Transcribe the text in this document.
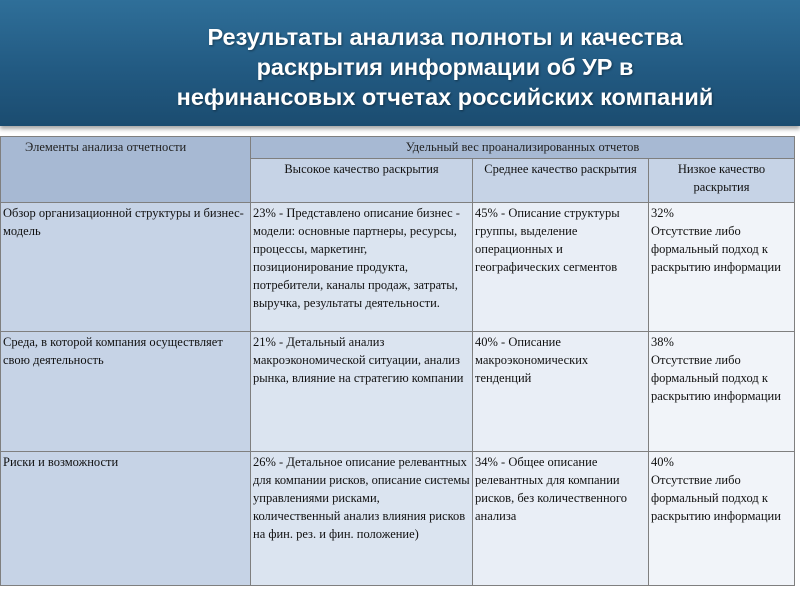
Результаты анализа полноты и качества
раскрытия информации об УР в
нефинансовых отчетах российских компаний
Элементы анализа отчетности	Удельный вес проанализированных отчетов		
	Высокое качество раскрытия	Среднее качество раскрытия	Низкое качество раскрытия
Обзор организационной структуры и бизнес- модель	23% - Представлено описание бизнес - модели: основные партнеры, ресурсы, процессы, маркетинг, позиционирование продукта, потребители, каналы продаж, затраты, выручка, результаты деятельности.	45% - Описание структуры группы, выделение операционных и географических сегментов	32%
Отсутствие либо формальный подход к раскрытию информации

Среда, в которой компания осуществляет свою деятельность	21% - Детальный анализ макроэкономической ситуации, анализ рынка, влияние на стратегию компании	40% - Описание макроэкономических тенденций	38%
Отсутствие либо формальный подход к раскрытию информации

Риски и возможности	26% - Детальное описание релевантных для компании рисков, описание системы управлениями рисками, количественный анализ влияния рисков на фин. рез. и фин. положение)	34% - Общее описание релевантных для компании рисков, без количественного анализа	40%
Отсутствие либо формальный подход к раскрытию информации
